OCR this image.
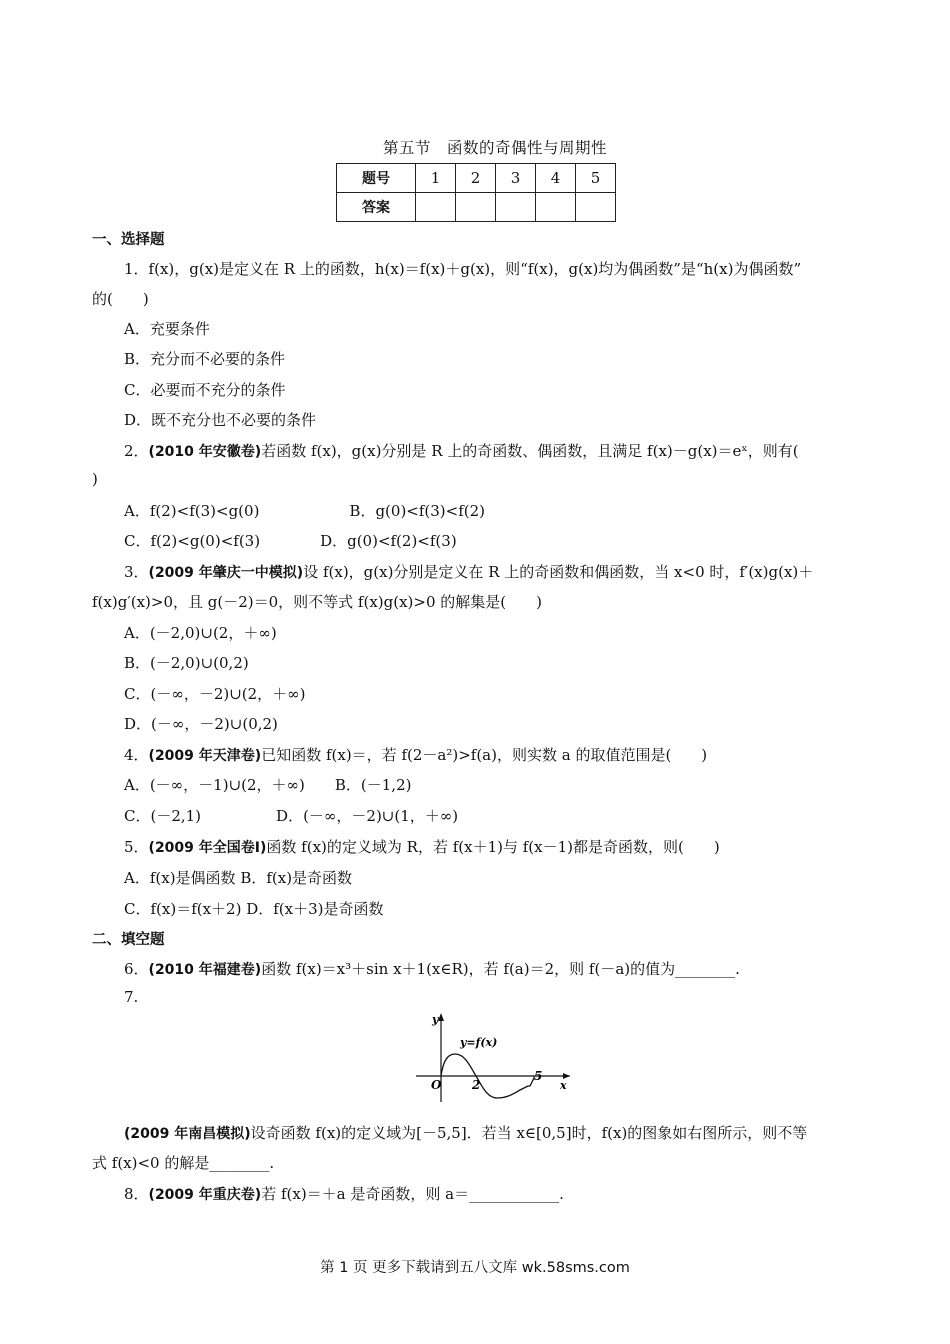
第五节　函数的奇偶性与周期性
题号	1	2	3	4	5
答案					
一、选择题
1．f(x)，g(x)是定义在 R 上的函数，h(x)＝f(x)＋g(x)，则“f(x)，g(x)均为偶函数”是“h(x)为偶函数”
的(　　)
A．充要条件
B．充分而不必要的条件
C．必要而不充分的条件
D．既不充分也不必要的条件
2．(2010 年安徽卷)若函数 f(x)，g(x)分别是 R 上的奇函数、偶函数，且满足 f(x)－g(x)＝eˣ，则有(
)
A．f(2)<f(3)<g(0)　　　　　　B．g(0)<f(3)<f(2)
C．f(2)<g(0)<f(3)　　　　D．g(0)<f(2)<f(3)
3．(2009 年肇庆一中模拟)设 f(x)，g(x)分别是定义在 R 上的奇函数和偶函数，当 x<0 时，f′(x)g(x)＋
f(x)g′(x)>0，且 g(－2)＝0，则不等式 f(x)g(x)>0 的解集是(　　)
A．(－2,0)∪(2，＋∞)
B．(－2,0)∪(0,2)
C．(－∞，－2)∪(2，＋∞)
D．(－∞，－2)∪(0,2)
4．(2009 年天津卷)已知函数 f(x)＝，若 f(2－a²)>f(a)，则实数 a 的取值范围是(　　)
A．(－∞，－1)∪(2，＋∞)　　B．(－1,2)
C．(－2,1)　　　　　D．(－∞，－2)∪(1，＋∞)
5．(2009 年全国卷Ⅰ)函数 f(x)的定义域为 R，若 f(x＋1)与 f(x－1)都是奇函数，则(　　)
A．f(x)是偶函数 B．f(x)是奇函数
C．f(x)＝f(x＋2) D．f(x＋3)是奇函数
二、填空题
6．(2010 年福建卷)函数 f(x)＝x³＋sin x＋1(x∈R)，若 f(a)＝2，则 f(－a)的值为________.
7.
y
x
O	2
5
y=f(x)
(2009 年南昌模拟)设奇函数 f(x)的定义域为[－5,5]．若当 x∈[0,5]时，f(x)的图象如右图所示，则不等
式 f(x)<0 的解是________.
8．(2009 年重庆卷)若 f(x)＝＋a 是奇函数，则 a＝____________.
第 1 页 更多下载请到五八文库 wk.58sms.com
